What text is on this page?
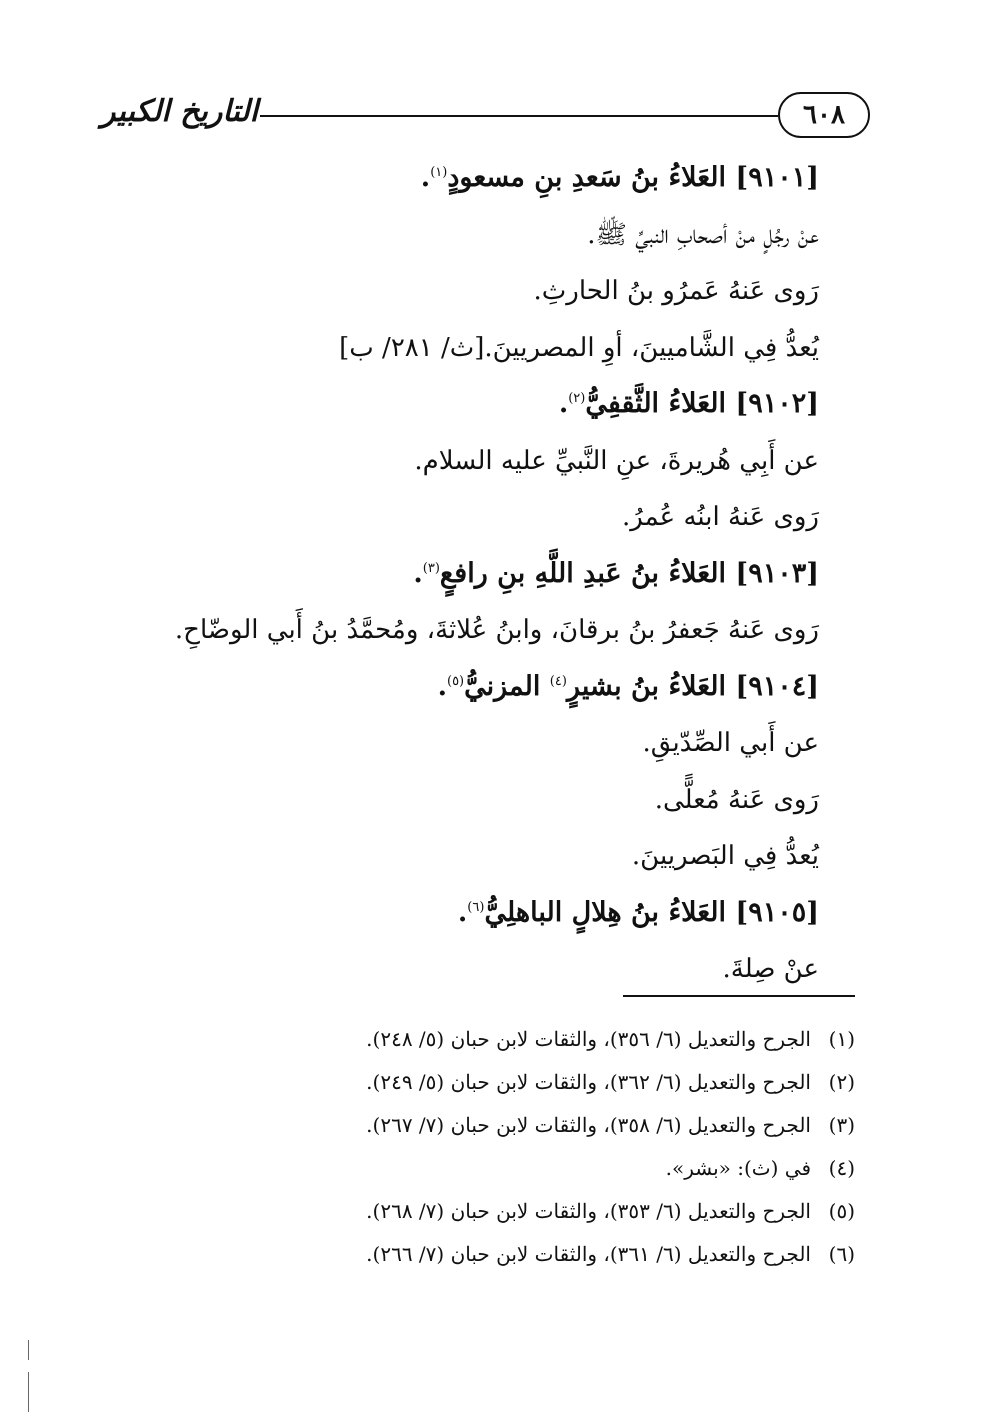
التاريخ الكبير	٦٠٨
[٩١٠١] العَلاءُ بنُ سَعدِ بنِ مسعودٍ$^{(١)}$.
عنْ رجُلٍ منْ أصحابِ النبيِّ ﷺ.
رَوى عَنهُ عَمرُو بنُ الحارثِ.
يُعدُّ فِي الشَّاميينَ، أوِ المصريينَ.[ث/ ٢٨١/ ب]
[٩١٠٢] العَلاءُ الثَّقفِيُّ$^{(٢)}$.
عن أَبِي هُريرةَ، عنِ النَّبيِّ عليه السلام.
رَوى عَنهُ ابنُه عُمرُ.
[٩١٠٣] العَلاءُ بنُ عَبدِ اللَّهِ بنِ رافعٍ$^{(٣)}$.
رَوى عَنهُ جَعفرُ بنُ برقانَ، وابنُ عُلاثةَ، ومُحمَّدُ بنُ أَبي الوضّاحِ.
[٩١٠٤] العَلاءُ بنُ بشيرٍ$^{(٤)}$ المزنيُّ$^{(٥)}$.
عن أَبي الصِّدّيقِ.
رَوى عَنهُ مُعلًّى.
يُعدُّ فِي البَصريينَ.
[٩١٠٥] العَلاءُ بنُ هِلالٍ الباهلِيُّ$^{(٦)}$.
عنْ صِلةَ.
(١)الجرح والتعديل (٦/ ٣٥٦)، والثقات لابن حبان (٥/ ٢٤٨).
(٢)الجرح والتعديل (٦/ ٣٦٢)، والثقات لابن حبان (٥/ ٢٤٩).
(٣)الجرح والتعديل (٦/ ٣٥٨)، والثقات لابن حبان (٧/ ٢٦٧).
(٤)في (ث): «بشر».
(٥)الجرح والتعديل (٦/ ٣٥٣)، والثقات لابن حبان (٧/ ٢٦٨).
(٦)الجرح والتعديل (٦/ ٣٦١)، والثقات لابن حبان (٧/ ٢٦٦).
